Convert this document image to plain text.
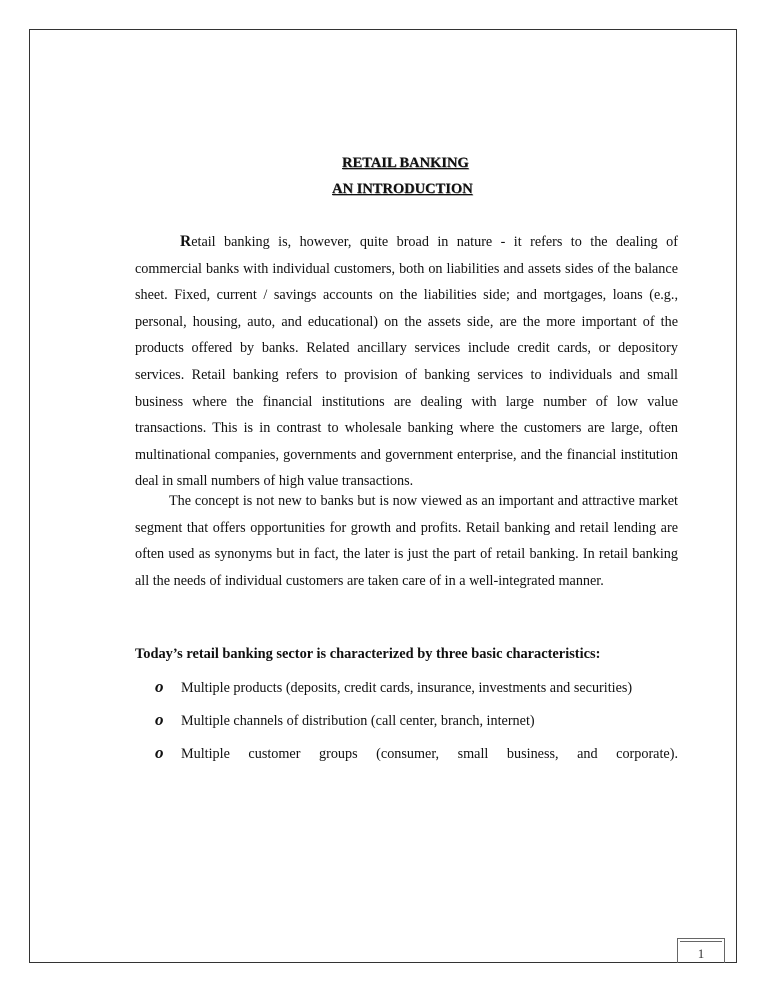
RETAIL BANKING
AN INTRODUCTION

Retail banking is, however, quite broad in nature - it refers to the dealing of commercial banks with individual customers, both on liabilities and assets sides of the balance sheet. Fixed, current / savings accounts on the liabilities side; and mortgages, loans (e.g., personal, housing, auto, and educational) on the assets side, are the more important of the products offered by banks. Related ancillary services include credit cards, or depository services. Retail banking refers to provision of banking services to individuals and small business where the financial institutions are dealing with large number of low value transactions. This is in contrast to wholesale banking where the customers are large, often multinational companies, governments and government enterprise, and the financial institution deal in small numbers of high value transactions.

The concept is not new to banks but is now viewed as an important and attractive market segment that offers opportunities for growth and profits. Retail banking and retail lending are often used as synonyms but in fact, the later is just the part of retail banking. In retail banking all the needs of individual customers are taken care of in a well-integrated manner.

Today’s retail banking sector is characterized by three basic characteristics:
o	Multiple products (deposits, credit cards, insurance, investments and securities)
o	Multiple channels of distribution (call center, branch, internet)
o	Multiple customer groups (consumer, small business, and corporate).
1
